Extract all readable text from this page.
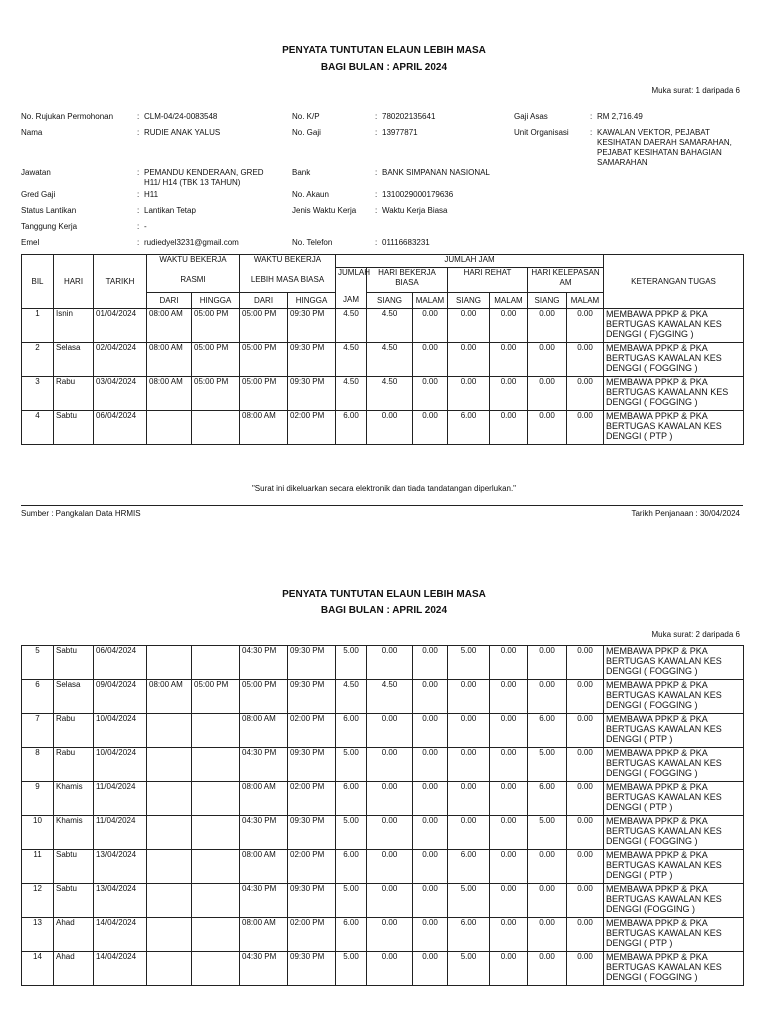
PENYATA TUNTUTAN ELAUN LEBIH MASA
BAGI BULAN : APRIL 2024
Muka surat: 1 daripada 6
No. Rujukan Permohonan	: CLM-04/24-0083548
Nama	: RUDIE ANAK YALUS
Jawatan	: PEMANDU KENDERAAN, GRED H11/ H14 (TBK 13 TAHUN)
Gred Gaji	: H11
Status Lantikan	: Lantikan Tetap
Tanggung Kerja	: -
Emel	: rudiedyel3231@gmail.com
No. K/P	: 780202135641
No. Gaji	: 13977871
Bank	: BANK SIMPANAN NASIONAL
No. Akaun	: 1310029000179636
Jenis Waktu Kerja : Waktu Kerja Biasa
No. Telefon	: 01116683231
Gaji Asas	: RM 2,716.49
Unit Organisasi	: KAWALAN VEKTOR, PEJABAT KESIHATAN DAERAH SAMARAHAN, PEJABAT KESIHATAN BAHAGIAN SAMARAHAN
BIL	HARI	TARIKH	WAKTU BEKERJA		WAKTU BEKERJA		JUMLAH JAM							KETERANGAN TUGAS
			RASMI		LEBIH MASA BIASA		JUMLAH	HARI BEKERJA BIASA		HARI REHAT		HARI KELEPASAN AM		
			DARI	HINGGA	DARI	HINGGA	JAM	SIANG	MALAM	SIANG	MALAM	SIANG	MALAM	
1	Isnin	01/04/2024	08:00 AM	05:00 PM	05:00 PM	09:30 PM	4.50	4.50	0.00	0.00	0.00	0.00	0.00	MEMBAWA PPKP & PKA BERTUGAS KAWALAN KES DENGGI ( F)GGING )
2	Selasa	02/04/2024	08:00 AM	05:00 PM	05:00 PM	09:30 PM	4.50	4.50	0.00	0.00	0.00	0.00	0.00	MEMBAWA PPKP & PKA BERTUGAS KAWALAN KES DENGGI ( FOGGING )
3	Rabu	03/04/2024	08:00 AM	05:00 PM	05:00 PM	09:30 PM	4.50	4.50	0.00	0.00	0.00	0.00	0.00	MEMBAWA PPKP & PKA BERTUGAS KAWALANN KES DENGGI ( FOGGING )
4	Sabtu	06/04/2024			08:00 AM	02:00 PM	6.00	0.00	0.00	6.00	0.00	0.00	0.00	MEMBAWA PPKP & PKA BERTUGAS KAWALAN KES DENGGI ( PTP )

"Surat ini dikeluarkan secara elektronik dan tiada tandatangan diperlukan."
Sumber : Pangkalan Data HRMIS	Tarikh Penjanaan : 30/04/2024
PENYATA TUNTUTAN ELAUN LEBIH MASA
BAGI BULAN : APRIL 2024
Muka surat: 2 daripada 6
5	Sabtu	06/04/2024			04:30 PM	09:30 PM	5.00	0.00	0.00	5.00	0.00	0.00	0.00	MEMBAWA PPKP & PKA BERTUGAS KAWALAN KES DENGGI ( FOGGING )
6	Selasa	09/04/2024	08:00 AM	05:00 PM	05:00 PM	09:30 PM	4.50	4.50	0.00	0.00	0.00	0.00	0.00	MEMBAWA PPKP & PKA BERTUGAS KAWALAN KES DENGGI ( FOGGING )
7	Rabu	10/04/2024			08:00 AM	02:00 PM	6.00	0.00	0.00	0.00	0.00	6.00	0.00	MEMBAWA PPKP & PKA BERTUGAS KAWALAN KES DENGGI ( PTP )
8	Rabu	10/04/2024			04:30 PM	09:30 PM	5.00	0.00	0.00	0.00	0.00	5.00	0.00	MEMBAWA PPKP & PKA BERTUGAS KAWALAN KES DENGGI ( FOGGING )
9	Khamis	11/04/2024			08:00 AM	02:00 PM	6.00	0.00	0.00	0.00	0.00	6.00	0.00	MEMBAWA PPKP & PKA BERTUGAS KAWALAN KES DENGGI ( PTP )
10	Khamis	11/04/2024			04:30 PM	09:30 PM	5.00	0.00	0.00	0.00	0.00	5.00	0.00	MEMBAWA PPKP & PKA BERTUGAS KAWALAN KES DENGGI ( FOGGING )
11	Sabtu	13/04/2024			08:00 AM	02:00 PM	6.00	0.00	0.00	6.00	0.00	0.00	0.00	MEMBAWA PPKP & PKA BERTUGAS KAWALAN KES DENGGI ( PTP )
12	Sabtu	13/04/2024			04:30 PM	09:30 PM	5.00	0.00	0.00	5.00	0.00	0.00	0.00	MEMBAWA PPKP & PKA BERTUGAS KAWALAN KES DENGGI (FOGGING )
13	Ahad	14/04/2024			08:00 AM	02:00 PM	6.00	0.00	0.00	6.00	0.00	0.00	0.00	MEMBAWA PPKP & PKA BERTUGAS KAWALAN KES DENGGI ( PTP )
14	Ahad	14/04/2024			04:30 PM	09:30 PM	5.00	0.00	0.00	5.00	0.00	0.00	0.00	MEMBAWA PPKP & PKA BERTUGAS KAWALAN KES DENGGI ( FOGGING )
